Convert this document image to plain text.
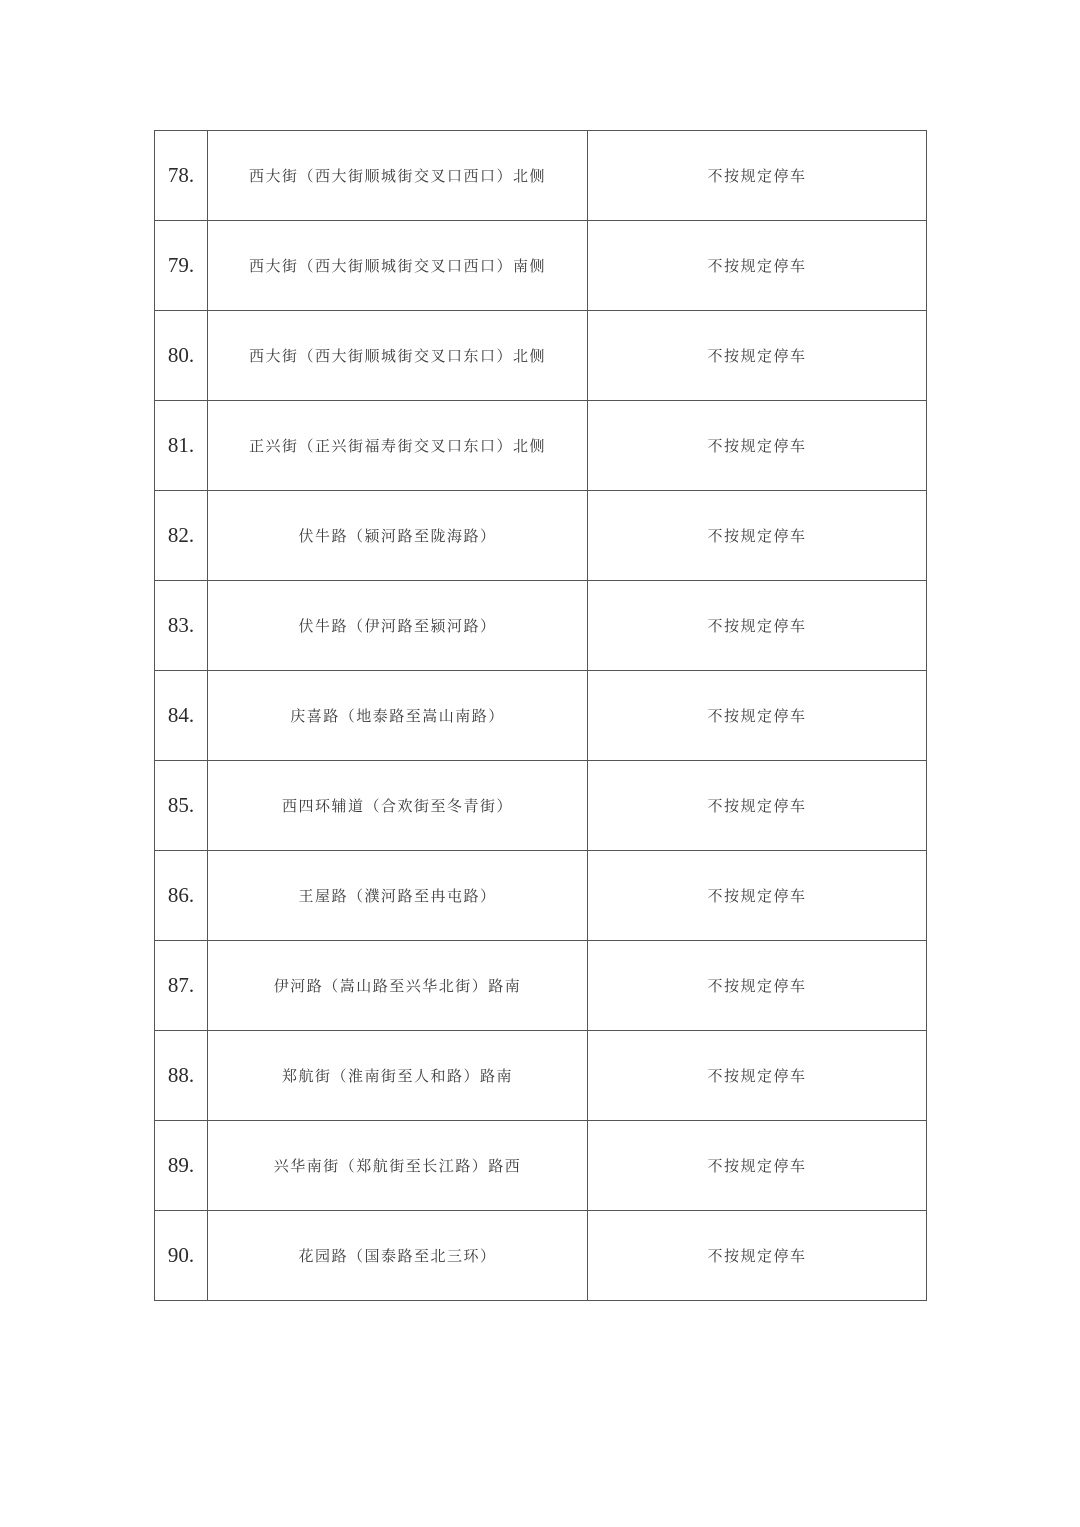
78.	西大街（西大街顺城街交叉口西口）北侧	不按规定停车
79.	西大街（西大街顺城街交叉口西口）南侧	不按规定停车
80.	西大街（西大街顺城街交叉口东口）北侧	不按规定停车
81.	正兴街（正兴街福寿街交叉口东口）北侧	不按规定停车
82.	伏牛路（颍河路至陇海路）	不按规定停车
83.	伏牛路（伊河路至颍河路）	不按规定停车
84.	庆喜路（地泰路至嵩山南路）	不按规定停车
85.	西四环辅道（合欢街至冬青街）	不按规定停车
86.	王屋路（濮河路至冉屯路）	不按规定停车
87.	伊河路（嵩山路至兴华北街）路南	不按规定停车
88.	郑航街（淮南街至人和路）路南	不按规定停车
89.	兴华南街（郑航街至长江路）路西	不按规定停车
90.	花园路（国泰路至北三环）	不按规定停车
